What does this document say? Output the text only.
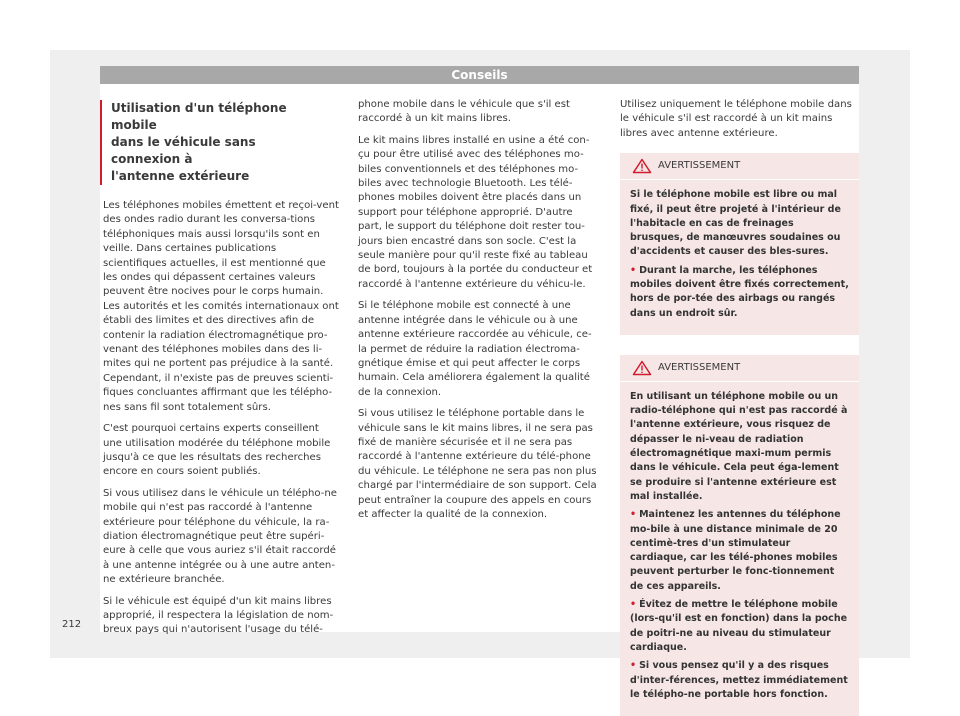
Conseils
Utilisation d'un téléphone mobile
dans le véhicule sans connexion à
l'antenne extérieure

Les téléphones mobiles émettent et reçoi-vent des ondes radio durant les conversa-tions téléphoniques mais aussi lorsqu'ils sont en veille. Dans certaines publications scientifiques actuelles, il est mentionné que les ondes qui dépassent certaines valeurs peuvent être nocives pour le corps humain. Les autorités et les comités internationaux ont établi des limites et des directives afin de contenir la radiation électromagnétique pro-venant des téléphones mobiles dans des li-mites qui ne portent pas préjudice à la santé. Cependant, il n'existe pas de preuves scienti-fiques concluantes affirmant que les télépho-nes sans fil sont totalement sûrs.

C'est pourquoi certains experts conseillent une utilisation modérée du téléphone mobile jusqu'à ce que les résultats des recherches encore en cours soient publiés.

Si vous utilisez dans le véhicule un télépho-ne mobile qui n'est pas raccordé à l'antenne extérieure pour téléphone du véhicule, la ra-diation électromagnétique peut être supéri-eure à celle que vous auriez s'il était raccordé à une antenne intégrée ou à une autre anten-ne extérieure branchée.

Si le véhicule est équipé d'un kit mains libres approprié, il respectera la législation de nom-breux pays qui n'autorisent l'usage du télé-

phone mobile dans le véhicule que s'il est raccordé à un kit mains libres.

Le kit mains libres installé en usine a été con-çu pour être utilisé avec des téléphones mo-biles conventionnels et des téléphones mo-biles avec technologie Bluetooth. Les télé-phones mobiles doivent être placés dans un support pour téléphone approprié. D'autre part, le support du téléphone doit rester tou-jours bien encastré dans son socle. C'est la seule manière pour qu'il reste fixé au tableau de bord, toujours à la portée du conducteur et raccordé à l'antenne extérieure du véhicu-le.

Si le téléphone mobile est connecté à une antenne intégrée dans le véhicule ou à une antenne extérieure raccordée au véhicule, ce-la permet de réduire la radiation électroma-gnétique émise et qui peut affecter le corps humain. Cela améliorera également la qualité de la connexion.

Si vous utilisez le téléphone portable dans le véhicule sans le kit mains libres, il ne sera pas fixé de manière sécurisée et il ne sera pas raccordé à l'antenne extérieure du télé-phone du véhicule. Le téléphone ne sera pas non plus chargé par l'intermédiaire de son support. Cela peut entraîner la coupure des appels en cours et affecter la qualité de la connexion.

Utilisez uniquement le téléphone mobile dans le véhicule s'il est raccordé à un kit mains libres avec antenne extérieure.

AVERTISSEMENT

Si le téléphone mobile est libre ou mal fixé, il peut être projeté à l'intérieur de l'habitacle en cas de freinages brusques, de manœuvres soudaines ou d'accidents et causer des bles-sures.

• Durant la marche, les téléphones mobiles doivent être fixés correctement, hors de por-tée des airbags ou rangés dans un endroit sûr.

AVERTISSEMENT

En utilisant un téléphone mobile ou un radio-téléphone qui n'est pas raccordé à l'antenne extérieure, vous risquez de dépasser le ni-veau de radiation électromagnétique maxi-mum permis dans le véhicule. Cela peut éga-lement se produire si l'antenne extérieure est mal installée.

• Maintenez les antennes du téléphone mo-bile à une distance minimale de 20 centimè-tres d'un stimulateur cardiaque, car les télé-phones mobiles peuvent perturber le fonc-tionnement de ces appareils.

• Évitez de mettre le téléphone mobile (lors-qu'il est en fonction) dans la poche de poitri-ne au niveau du stimulateur cardiaque.

• Si vous pensez qu'il y a des risques d'inter-férences, mettez immédiatement le télépho-ne portable hors fonction.

212
